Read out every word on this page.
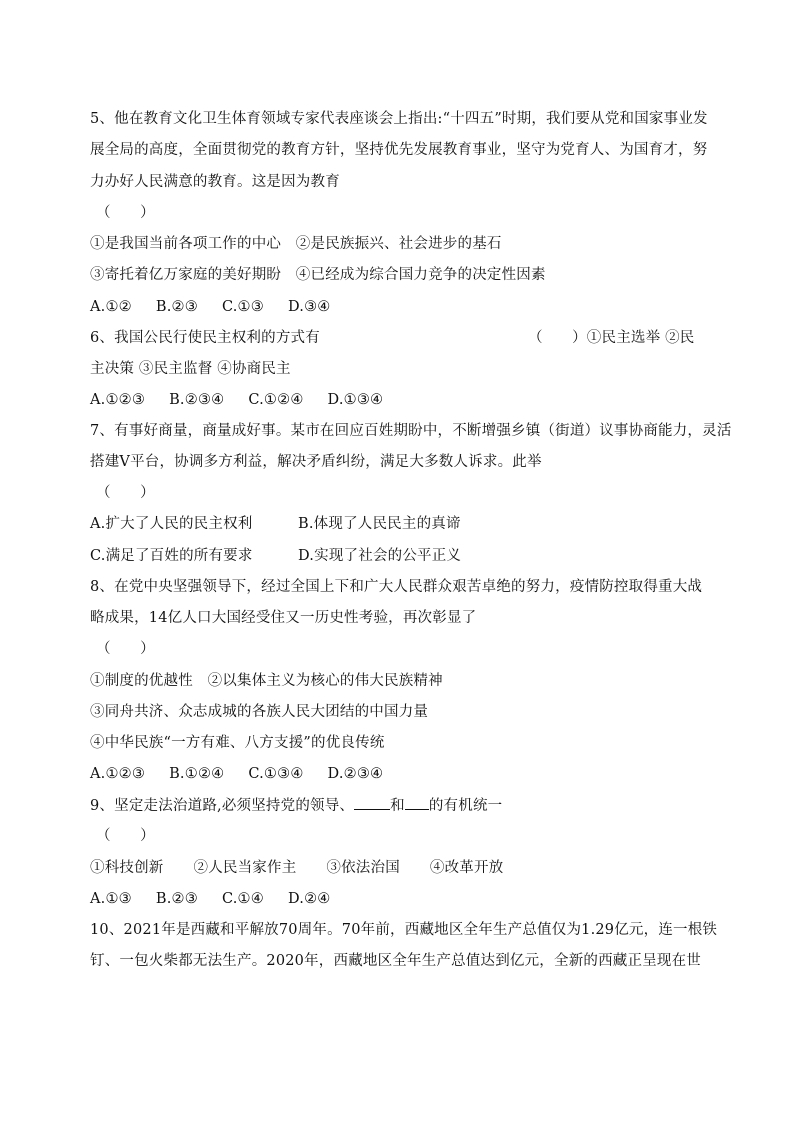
5、他在教育文化卫生体育领域专家代表座谈会上指出:“十四五”时期，我们要从党和国家事业发
展全局的高度，全面贯彻党的教育方针，坚持优先发展教育事业，坚守为党育人、为国育才，努
力办好人民满意的教育。这是因为教育
（　　）
①是我国当前各项工作的中心　②是民族振兴、社会进步的基石
③寄托着亿万家庭的美好期盼　④已经成为综合国力竞争的决定性因素
A.①② B.②③ C.①③ D.③④
6、我国公民行使民主权利的方式有	（　　）①民主选举 ②民
主决策 ③民主监督 ④协商民主
A.①②③ B.②③④ C.①②④ D.①③④
7、有事好商量，商量成好事。某市在回应百姓期盼中，不断增强乡镇（街道）议事协商能力，灵活
搭建V平台，协调多方利益，解决矛盾纠纷，满足大多数人诉求。此举
（　　）
A.扩大了人民的民主权利	B.体现了人民民主的真谛
C.满足了百姓的所有要求	D.实现了社会的公平正义
8、在党中央坚强领导下，经过全国上下和广大人民群众艰苦卓绝的努力，疫情防控取得重大战
略成果，14亿人口大国经受住又一历史性考验，再次彰显了
（　　）
①制度的优越性　②以集体主义为核心的伟大民族精神
③同舟共济、众志成城的各族人民大团结的中国力量
④中华民族“一方有难、八方支援”的优良传统
A.①②③ B.①②④ C.①③④ D.②③④
9、坚定走法治道路,必须坚持党的领导、 和 的有机统一
（　　）
①科技创新 ②人民当家作主 ③依法治国 ④改革开放
A.①③ B.②③ C.①④ D.②④
10、2021年是西藏和平解放70周年。70年前，西藏地区全年生产总值仅为1.29亿元，连一根铁
钉、一包火柴都无法生产。2020年，西藏地区全年生产总值达到亿元，全新的西藏正呈现在世
